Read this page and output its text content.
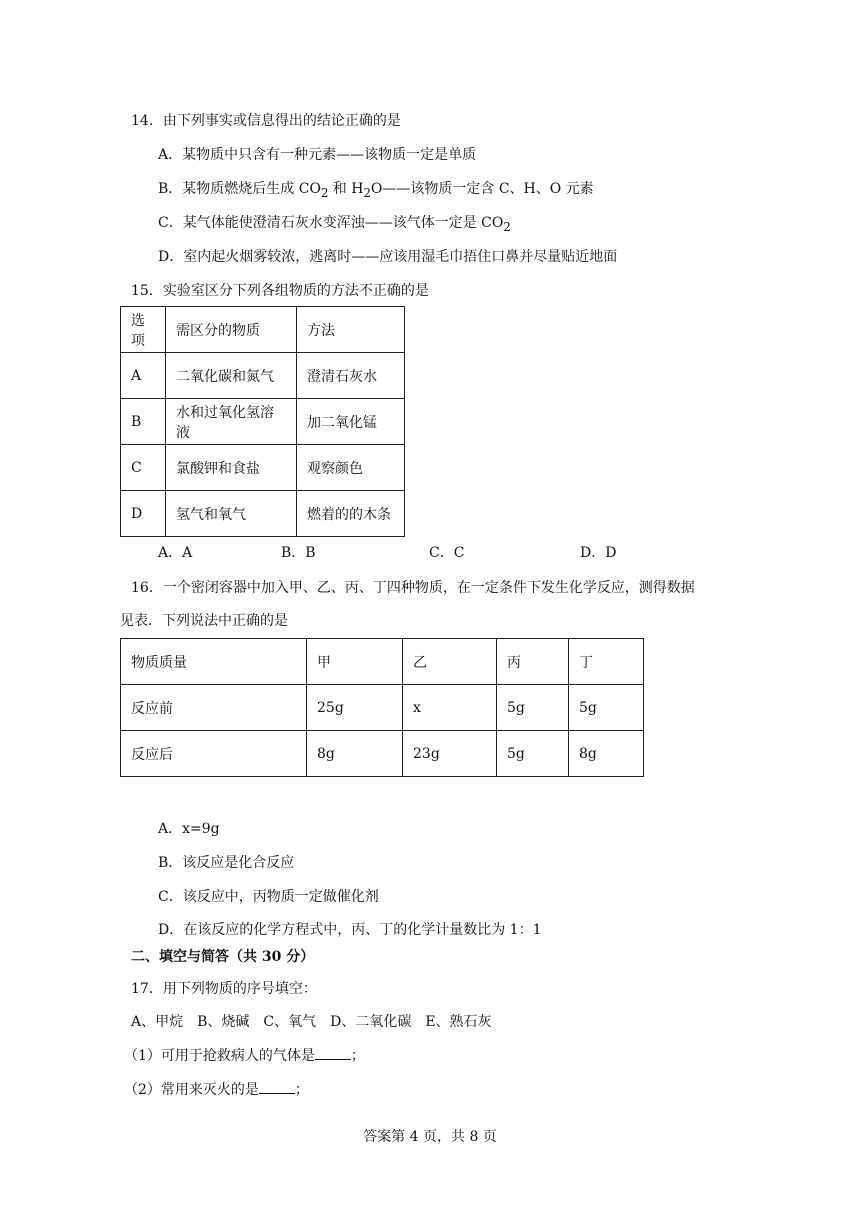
14．由下列事实或信息得出的结论正确的是
A．某物质中只含有一种元素——该物质一定是单质
B．某物质燃烧后生成 $CO_2$ 和 $H_2O——$该物质一定含 C、H、O 元素
C．某气体能使澄清石灰水变浑浊——该气体一定是 $CO_2$
D．室内起火烟雾较浓，逃离时——应该用湿毛巾捂住口鼻并尽量贴近地面
15．实验室区分下列各组物质的方法不正确的是
选项	需区分的物质	方法
A	二氧化碳和氮气	澄清石灰水
B	水和过氧化氢溶液	加二氧化锰
C	氯酸钾和食盐	观察颜色
D	氢气和氧气	燃着的的木条
A．A	B．B	C．C	D．D
16．一个密闭容器中加入甲、乙、丙、丁四种物质，在一定条件下发生化学反应，测得数据
见表．下列说法中正确的是
物质质量	甲	乙	丙	丁
反应前	25g	x	5g	5g
反应后	8g	23g	5g	8g
A．x=9g
B．该反应是化合反应
C．该反应中，丙物质一定做催化剂
D．在该反应的化学方程式中，丙、丁的化学计量数比为 1：1
二、填空与简答（共 30 分）
17．用下列物质的序号填空：
A、甲烷　B、烧碱　C、氧气　D、二氧化碳　E、熟石灰
（1）可用于抢救病人的气体是	；
（2）常用来灭火的是	；
答案第 4 页，共 8 页
